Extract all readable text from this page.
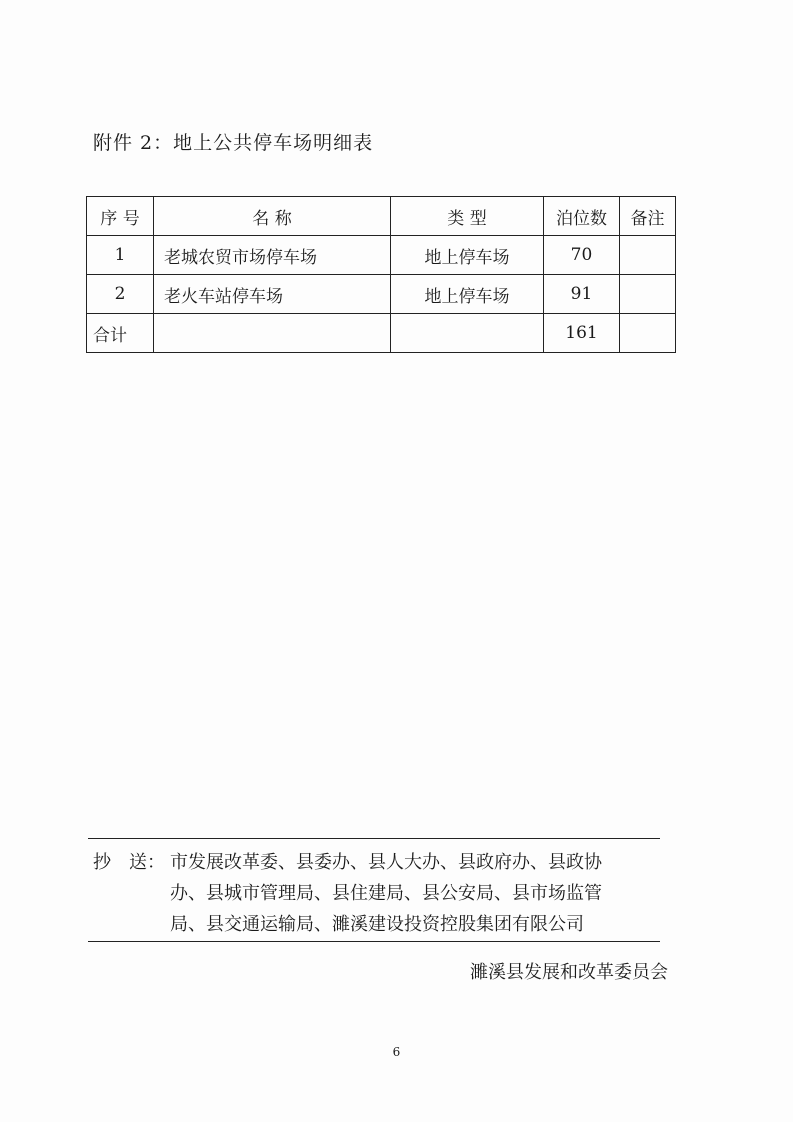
附件 2：地上公共停车场明细表
序 号	名 称	类 型	泊位数	备注
1	老城农贸市场停车场	地上停车场	70	
2	老火车站停车场	地上停车场	91	
合计			161	
抄　送： 市发展改革委、县委办、县人大办、县政府办、县政协
办、县城市管理局、县住建局、县公安局、县市场监管
局、县交通运输局、濉溪建设投资控股集团有限公司
濉溪县发展和改革委员会
6
